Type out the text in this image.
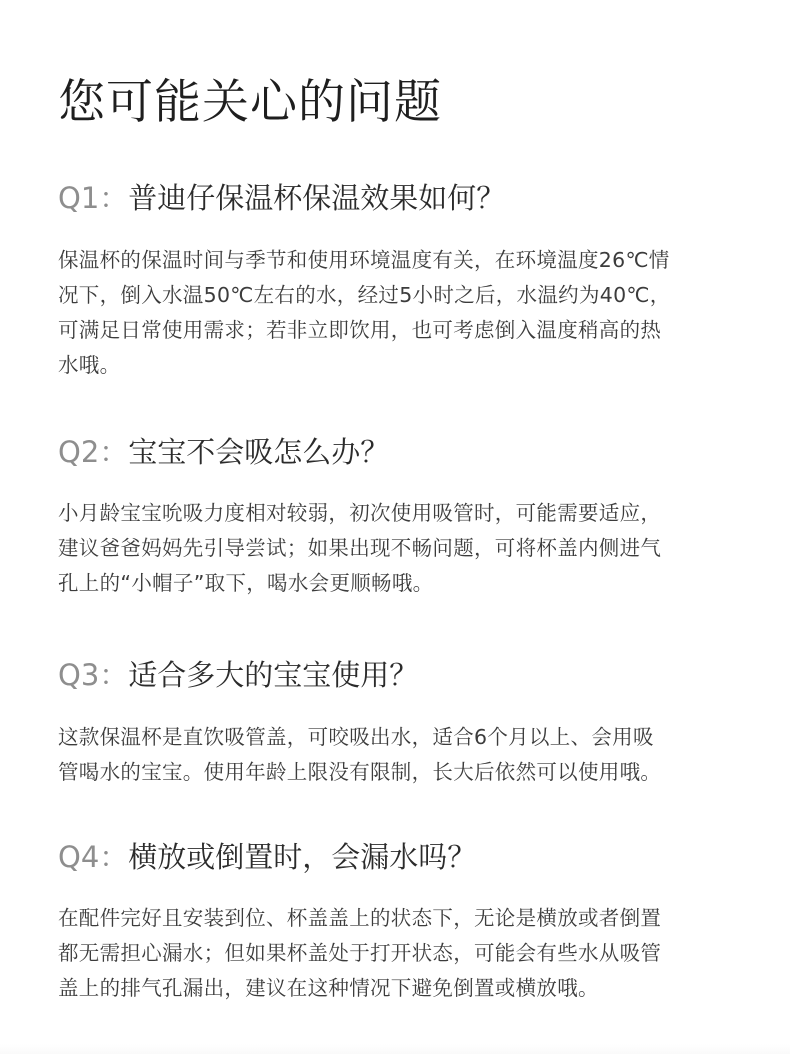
您可能关心的问题
Q1：普迪仔保温杯保温效果如何？
保温杯的保温时间与季节和使用环境温度有关，在环境温度26℃情
况下，倒入水温50℃左右的水，经过5小时之后，水温约为40℃，
可满足日常使用需求；若非立即饮用，也可考虑倒入温度稍高的热
水哦。
Q2：宝宝不会吸怎么办？
小月龄宝宝吮吸力度相对较弱，初次使用吸管时，可能需要适应，
建议爸爸妈妈先引导尝试；如果出现不畅问题，可将杯盖内侧进气
孔上的“小帽子”取下，喝水会更顺畅哦。
Q3：适合多大的宝宝使用？
这款保温杯是直饮吸管盖，可咬吸出水，适合6个月以上、会用吸
管喝水的宝宝。使用年龄上限没有限制，长大后依然可以使用哦。
Q4：横放或倒置时，会漏水吗？
在配件完好且安装到位、杯盖盖上的状态下，无论是横放或者倒置
都无需担心漏水；但如果杯盖处于打开状态，可能会有些水从吸管
盖上的排气孔漏出，建议在这种情况下避免倒置或横放哦。
